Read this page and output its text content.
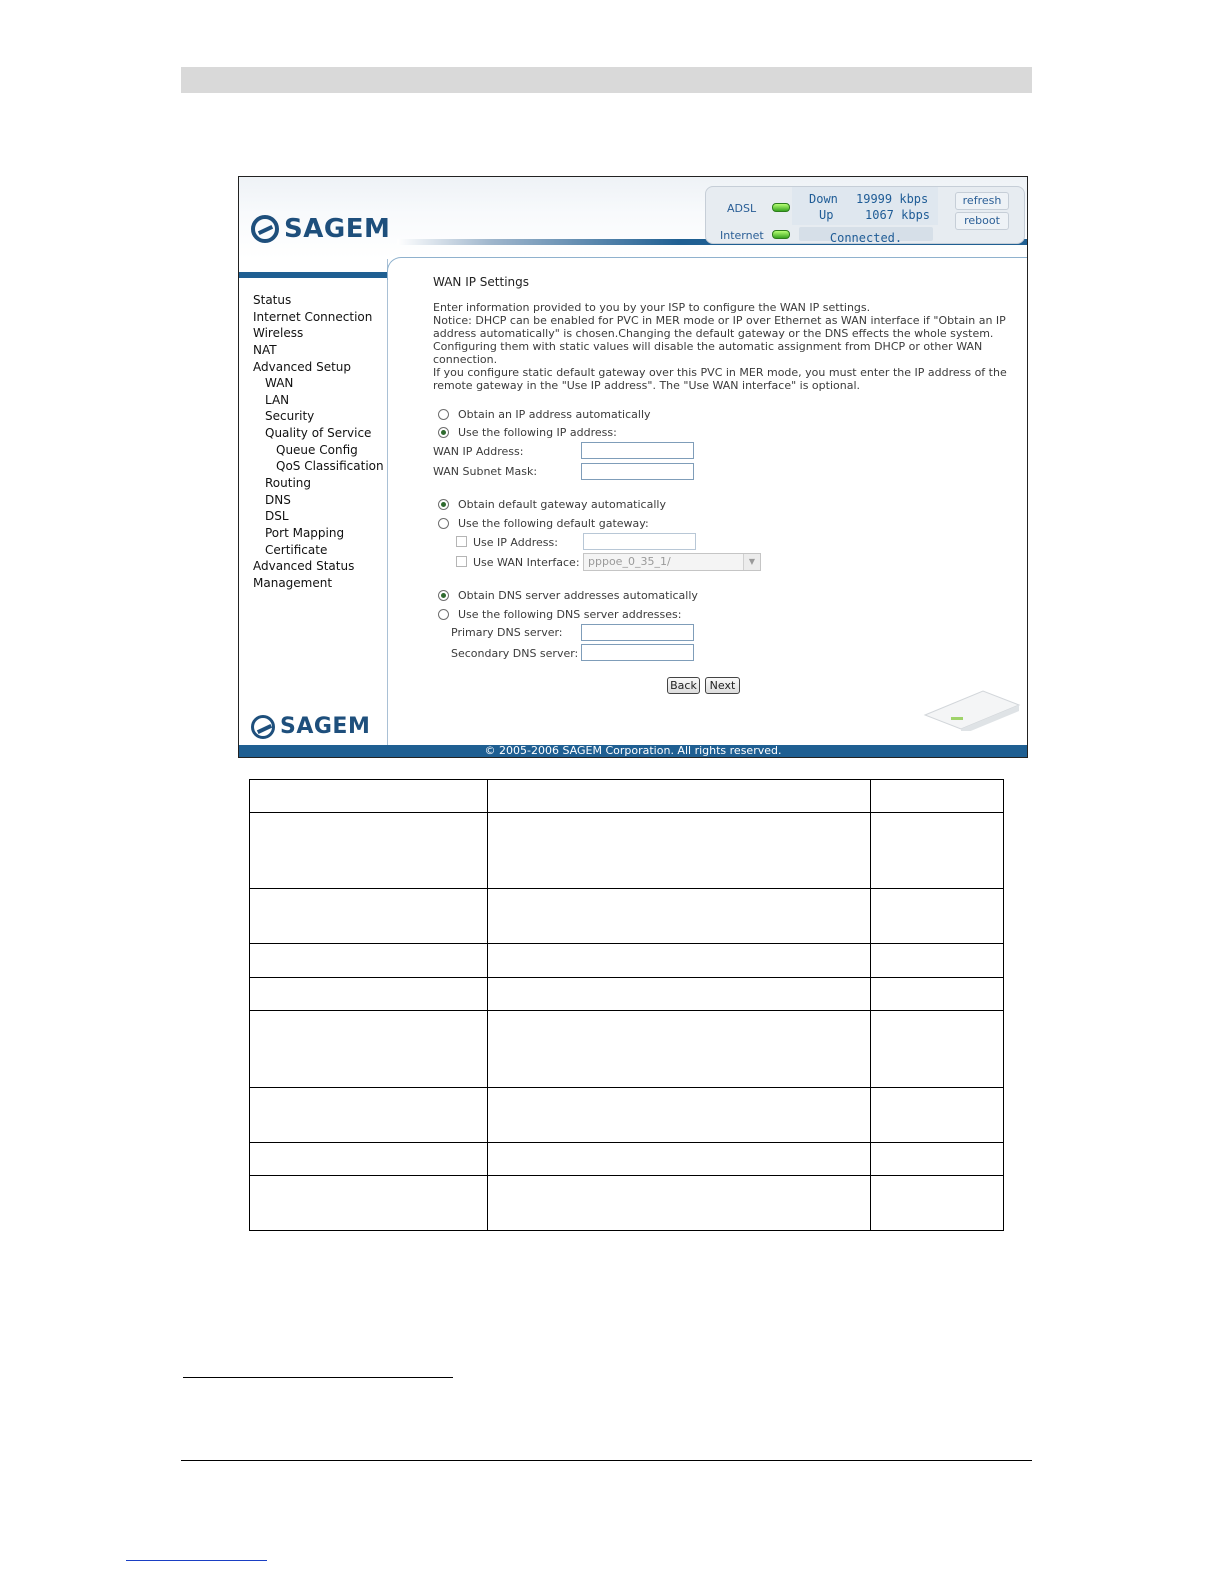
SAGEM
ADSL
Internet
Down 19999 kbps
Up	1067 kbps
Connected.
refresh
reboot
Status
Internet Connection
Wireless
NAT
Advanced Setup
WAN
LAN
Security
Quality of Service
Queue Config
QoS Classification
Routing
DNS
DSL
Port Mapping
Certificate
Advanced Status
Management
SAGEM
WAN IP Settings
Enter information provided to you by your ISP to configure the WAN IP settings.
Notice: DHCP can be enabled for PVC in MER mode or IP over Ethernet as WAN interface if "Obtain an IP
address automatically" is chosen.Changing the default gateway or the DNS effects the whole system.
Configuring them with static values will disable the automatic assignment from DHCP or other WAN
connection.
If you configure static default gateway over this PVC in MER mode, you must enter the IP address of the
remote gateway in the "Use IP address". The "Use WAN interface" is optional.
Obtain an IP address automatically
Use the following IP address:
WAN IP Address:
WAN Subnet Mask:
Obtain default gateway automatically
Use the following default gateway:
Use IP Address:
Use WAN Interface: pppoe_0_35_1/	▼
Obtain DNS server addresses automatically
Use the following DNS server addresses:
Primary DNS server:
Secondary DNS server:
Back	Next
© 2005-2006 SAGEM Corporation. All rights reserved.
